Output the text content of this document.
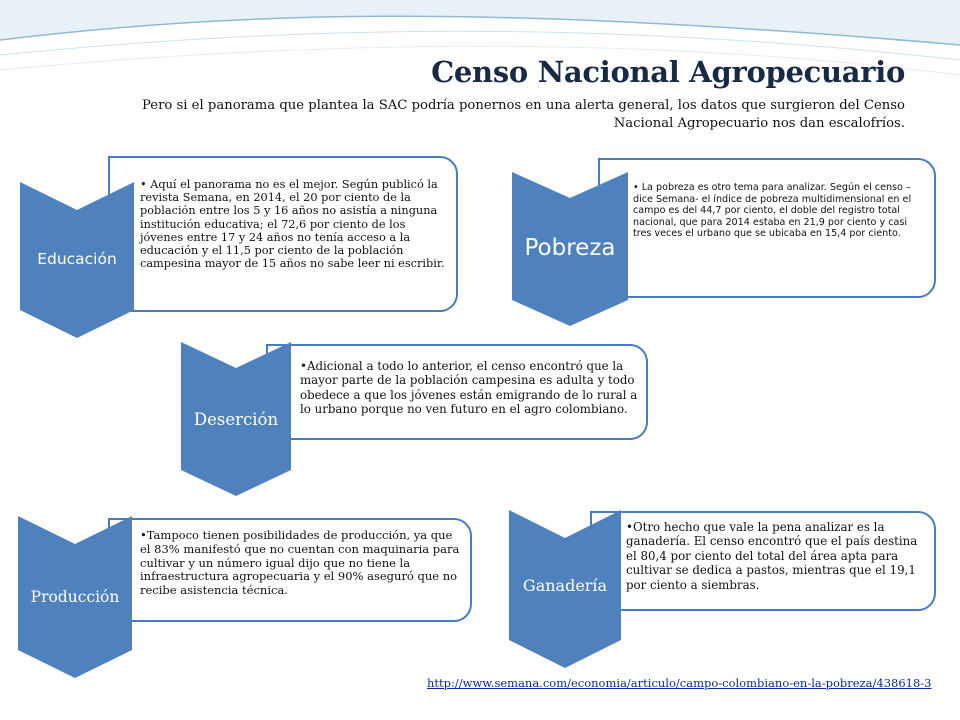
Censo Nacional Agropecuario
Pero si el panorama que plantea la SAC podría ponernos en una alerta general, los datos que surgieron del Censo Nacional Agropecuario nos dan escalofríos.

• Aquí el panorama no es el mejor. Según publicó la revista Semana, en 2014, el 20 por ciento de la población entre los 5 y 16 años no asistía a ninguna institución educativa; el 72,6 por ciento de los jóvenes entre 17 y 24 años no tenía acceso a la educación y el 11,5 por ciento de la población campesina mayor de 15 años no sabe leer ni escribir.

Educación

• La pobreza es otro tema para analizar. Según el censo –dice Semana- el índice de pobreza multidimensional en el campo es del 44,7 por ciento, el doble del registro total nacional, que para 2014 estaba en 21,9 por ciento y casi tres veces el urbano que se ubicaba en 15,4 por ciento.

Pobreza

•Adicional a todo lo anterior, el censo encontró que la mayor parte de la población campesina es adulta y todo obedece a que los jóvenes están emigrando de lo rural a lo urbano porque no ven futuro en el agro colombiano.

Deserción

•Tampoco tienen posibilidades de producción, ya que el 83% manifestó que no cuentan con maquinaria para cultivar y un número igual dijo que no tiene la infraestructura agropecuaria y el 90% aseguró que no recibe asistencia técnica.

Producción

•Otro hecho que vale la pena analizar es la ganadería. El censo encontró que el país destina el 80,4 por ciento del total del área apta para cultivar se dedica a pastos, mientras que el 19,1 por ciento a siembras.

Ganadería
http://www.semana.com/economia/articulo/campo-colombiano-en-la-pobreza/438618-3
